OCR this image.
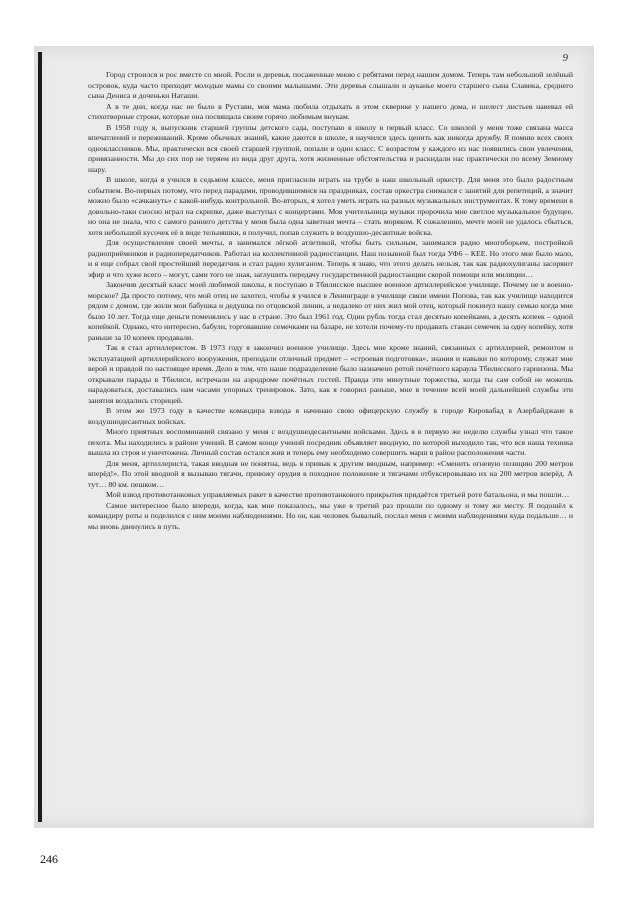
9

Город строился и рос вместе со мной. Росли и деревья, посаженные мною с ребятами перед нашим домом. Теперь там небольшой зелёный островок, куда часто приходят молодые мамы со своими малышами. Эти деревья слышали и ауканье моего старшего сына Славика, среднего сына Дениса и доченьки Наташи.

А в те дни, когда нас не было в Рустави, моя мама любила отдыхать в этом скверике у нашего дома, и шелест листьев навевал ей стихотворные строки, которые она посвящала своим горячо любимым внукам.

В 1958 году я, выпускник старшей группы детского сада, поступаю в школу в первый класс. Со школой у меня тоже связана масса впечатлений и переживаний. Кроме обычных знаний, какие даются в школе, я научился здесь ценить как никогда дружбу. Я помню всех своих одноклассников. Мы, практически вся своей старшей группой, попали в один класс. С возрастом у каждого из нас появились свои увлечения, привязанности. Мы до сих пор не теряем из вида друг друга, хотя жизненные обстоятельства и раскидали нас практически по всему Земному шару.

В школе, когда я учился в седьмом классе, меня пригласили играть на трубе в наш школьный оркестр. Для меня это было радостным событием. Во-первых потому, что перед парадами, проводившимися на праздниках, состав оркестра снимался с занятий для репетиций, а значит можно было «сачкануть» с какой-нибудь контрольной. Во-вторых, я хотел уметь играть на разных музыкальных инструментах. К тому времени я довольно-таки сносно играл на скрипке, даже выступал с концертами. Моя учительница музыки пророчила мне светлое музыкальное будущее, но она не знала, что с самого раннего детства у меня была одна заветная мечта – стать моряком. К сожалению, мечте моей не удалось сбыться, хотя небольшой кусочек её в виде тельняшки, я получил, попав служить в воздушно-десантные войска.

Для осуществления своей мечты, я занимался лёгкой атлетикой, чтобы быть сильным, занимался радио многоборьем, постройкой радиоприёмников и радиопередатчиков. Работал на коллективной радиостанции. Наш позывной был тогда УФ6 – КЕЕ. Но этого мне было мало, и я еще собрал свой простейший передатчик и стал радио хулиганом. Теперь я знаю, что этого делать нельзя, так как радиохулиганы засоряют эфир и что хуже всего – могут, сами того не зная, заглушить передачу государственной радиостанции скорой помощи или милиции…

Закончив десятый класс моей любимой школы, я поступаю в Тбилисское высшее военное артиллерийское училище. Почему не в военно-морское? Да просто потому, что мой отец не захотел, чтобы я учился в Ленинграде в училище связи имени Попова, так как училище находится рядом с домом, где жили мои бабушка и дедушка по отцовской линии, а недалеко от них жил мой отец, который покинул нашу семью когда мне было 10 лет. Тогда еще деньги поменялись у нас в стране. Это был 1961 год. Один рубль тогда стал десятью копейками, а десять копеек – одной копейкой. Однако, что интересно, бабули, торговавшие семечками на базаре, не хотели почему-то продавать стакан семечек за одну копейку, хотя раньше за 10 копеек продавали.

Так я стал артиллеристом. В 1973 году я закончил военное училище. Здесь мне кроме знаний, связанных с артиллерией, ремонтом и эксплуатацией артиллерийского вооружения, преподали отличный предмет – «строевая подготовка», знания и навыки по которому, служат мне верой и правдой по настоящее время. Дело в том, что наше подразделение было назначено ротой почётного караула Тбилисского гарнизона. Мы открывали парады в Тбилиси, встречали на аэродроме почётных гостей. Правда эти минутные торжества, когда ты сам собой не можешь нарадоваться, доставались нам часами упорных тренировок. Зато, как я говорил раньше, мне в течение всей моей дальнейшей службы эти занятия воздались сторицей.

В этом же 1973 году в качестве командира взвода я начинаю свою офицерскую службу в городе Кировабад в Азербайджане в воздушнодесантных войсках.

Много приятных воспоминаний связано у меня с воздушнодесантными войсками. Здесь я в первую же неделю службы узнал что такое пехота. Мы находились в районе учений. В самом конце учений посредник объявляет вводную, по которой выходило так, что вся наша техника вышла из строя и уничтожена. Личный состав остался жив и теперь ему необходимо совершить марш в район расположения части.

Для меня, артиллериста, такая вводная не понятна, ведь я привык к другим вводным, например: «Сменить огневую позицию 200 метров вперёд!». По этой вводной я вызываю тягачи, привожу орудия в походное положение и тягачами отбуксировываю их на 200 метров вперёд. А тут… 80 км. пешком…

Мой взвод противотанковых управляемых ракет в качестве противотанкового прикрытия придаётся третьей роте батальона, и мы пошли…

Самое интересное было впереди, когда, как мне показалось, мы уже в третий раз прошли по одному и тому же месту. Я подошёл к командиру роты и поделился с ним моими наблюдениями. Но он, как человек бывалый, послал меня с моими наблюдениями куда подальше… и мы вновь двинулись в путь.

246
